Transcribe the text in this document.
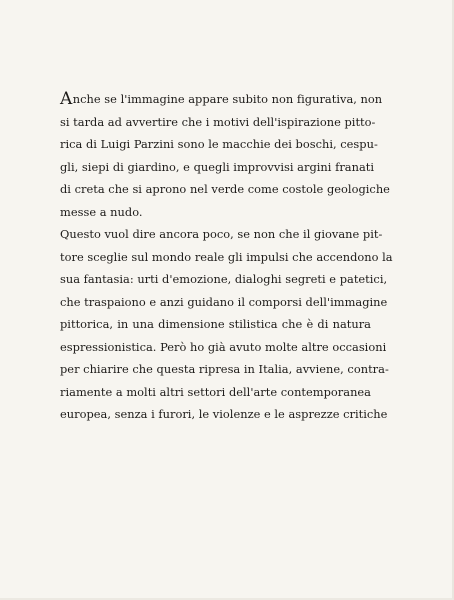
Anche se l'immagine appare subito non figurativa, non
si tarda ad avvertire che i motivi dell'ispirazione pitto-
rica di Luigi Parzini sono le macchie dei boschi, cespu-
gli, siepi di giardino, e quegli improvvisi argini franati
di creta che si aprono nel verde come costole geologiche
messe a nudo.

Questo vuol dire ancora poco, se non che il giovane pit-
tore sceglie sul mondo reale gli impulsi che accendono la
sua fantasia: urti d'emozione, dialoghi segreti e patetici,
che traspaiono e anzi guidano il comporsi dell'immagine
pittorica, in una dimensione stilistica che è di natura
espressionistica. Però ho già avuto molte altre occasioni
per chiarire che questa ripresa in Italia, avviene, contra-
riamente a molti altri settori dell'arte contemporanea
europea, senza i furori, le violenze e le asprezze critiche
